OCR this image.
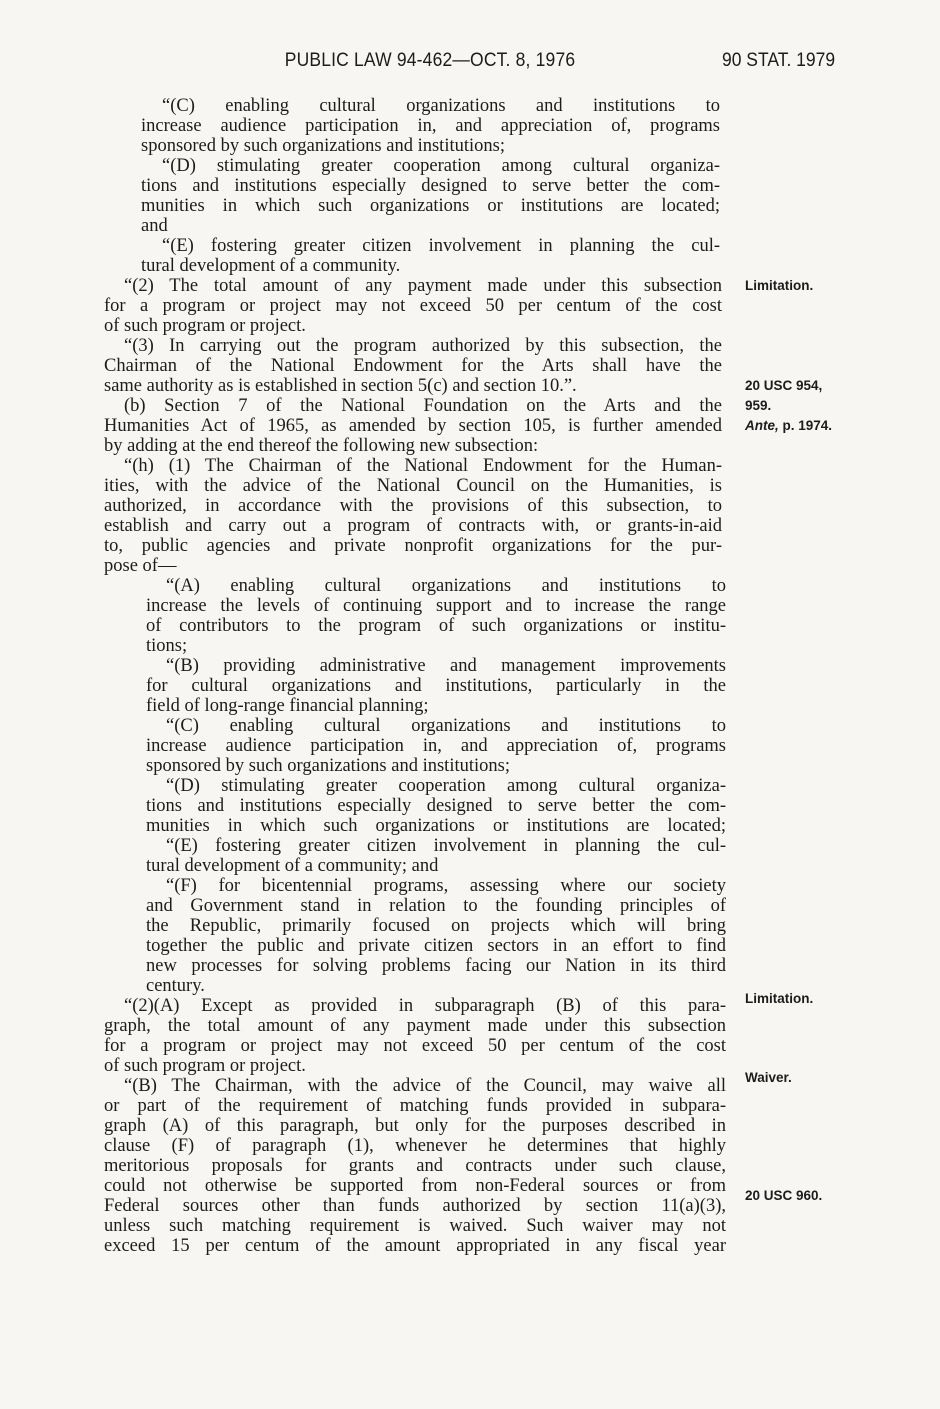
PUBLIC LAW 94-462—OCT. 8, 1976	90 STAT. 1979
“(C) enabling cultural organizations and institutions to
increase audience participation in, and appreciation of, programs
sponsored by such organizations and institutions;
“(D) stimulating greater cooperation among cultural organiza-
tions and institutions especially designed to serve better the com-
munities in which such organizations or institutions are located;
and
“(E) fostering greater citizen involvement in planning the cul-
tural development of a community.
“(2) The total amount of any payment made under this subsection
for a program or project may not exceed 50 per centum of the cost
of such program or project.
“(3) In carrying out the program authorized by this subsection, the
Chairman of the National Endowment for the Arts shall have the
same authority as is established in section 5(c) and section 10.”.
(b) Section 7 of the National Foundation on the Arts and the
Humanities Act of 1965, as amended by section 105, is further amended
by adding at the end thereof the following new subsection:
“(h) (1) The Chairman of the National Endowment for the Human-
ities, with the advice of the National Council on the Humanities, is
authorized, in accordance with the provisions of this subsection, to
establish and carry out a program of contracts with, or grants-in-aid
to, public agencies and private nonprofit organizations for the pur-
pose of—
“(A) enabling cultural organizations and institutions to
increase the levels of continuing support and to increase the range
of contributors to the program of such organizations or institu-
tions;
“(B) providing administrative and management improvements
for cultural organizations and institutions, particularly in the
field of long-range financial planning;
“(C) enabling cultural organizations and institutions to
increase audience participation in, and appreciation of, programs
sponsored by such organizations and institutions;
“(D) stimulating greater cooperation among cultural organiza-
tions and institutions especially designed to serve better the com-
munities in which such organizations or institutions are located;
“(E) fostering greater citizen involvement in planning the cul-
tural development of a community; and
“(F) for bicentennial programs, assessing where our society
and Government stand in relation to the founding principles of
the Republic, primarily focused on projects which will bring
together the public and private citizen sectors in an effort to find
new processes for solving problems facing our Nation in its third
century.
“(2)(A) Except as provided in subparagraph (B) of this para-
graph, the total amount of any payment made under this subsection
for a program or project may not exceed 50 per centum of the cost
of such program or project.
“(B) The Chairman, with the advice of the Council, may waive all
or part of the requirement of matching funds provided in subpara-
graph (A) of this paragraph, but only for the purposes described in
clause (F) of paragraph (1), whenever he determines that highly
meritorious proposals for grants and contracts under such clause,
could not otherwise be supported from non-Federal sources or from
Federal sources other than funds authorized by section 11(a)(3),
unless such matching requirement is waived. Such waiver may not
exceed 15 per centum of the amount appropriated in any fiscal year
Limitation.
20 USC 954,
959.
Ante, p. 1974.
Limitation.
Waiver.
20 USC 960.
